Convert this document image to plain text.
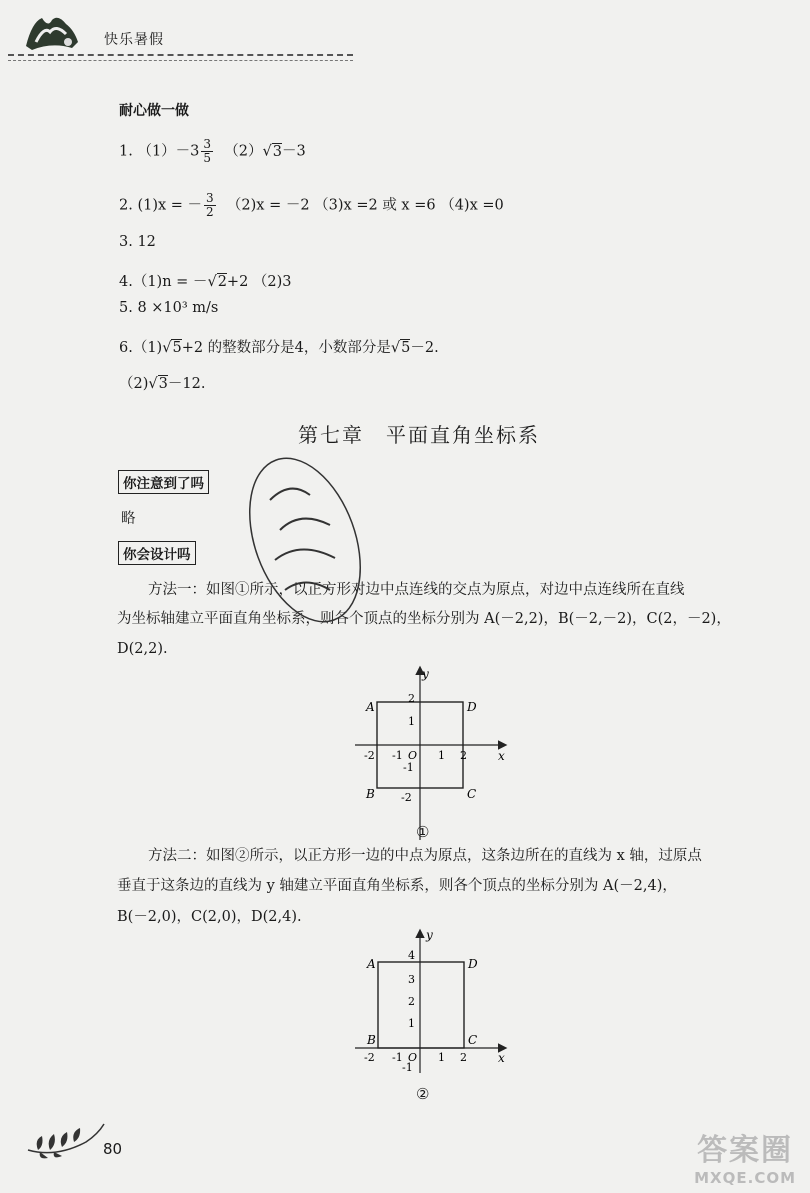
快乐暑假
耐心做一做
1. $(1)-3 \frac{3}{5} (2)√3-3$
2. (1)x = － $\frac{3}{2} (2)x = -2$ （3)x =2 或 x =6 （4)x =0
3. 12
4.（1)n = －√2+2 （2)3
5. 8 ×10³ m/s
6.（1)√5+2 的整数部分是4，小数部分是√5－2.
（2)√3－12.
第七章　平面直角坐标系
你注意到了吗
略
你会设计吗
方法一：如图①所示，以正方形对边中点连线的交点为原点，对边中点连线所在直线
为坐标轴建立平面直角坐标系，则各个顶点的坐标分别为 A(－2,2)，B(－2,－2)，C(2，－2)，
D(2,2).
y
x
A	D
B	C
2
1
-1
-2
-2 -1 O 1 2
①
方法二：如图②所示，以正方形一边的中点为原点，这条边所在的直线为 x 轴，过原点
垂直于这条边的直线为 y 轴建立平面直角坐标系，则各个顶点的坐标分别为 A(－2,4)，
B(－2,0)，C(2,0)，D(2,4).
y
x
A	D
B	C
4
3
2
1
-1
-2 -1 O 1 2
②
80	答案圈
MXQE.COM
